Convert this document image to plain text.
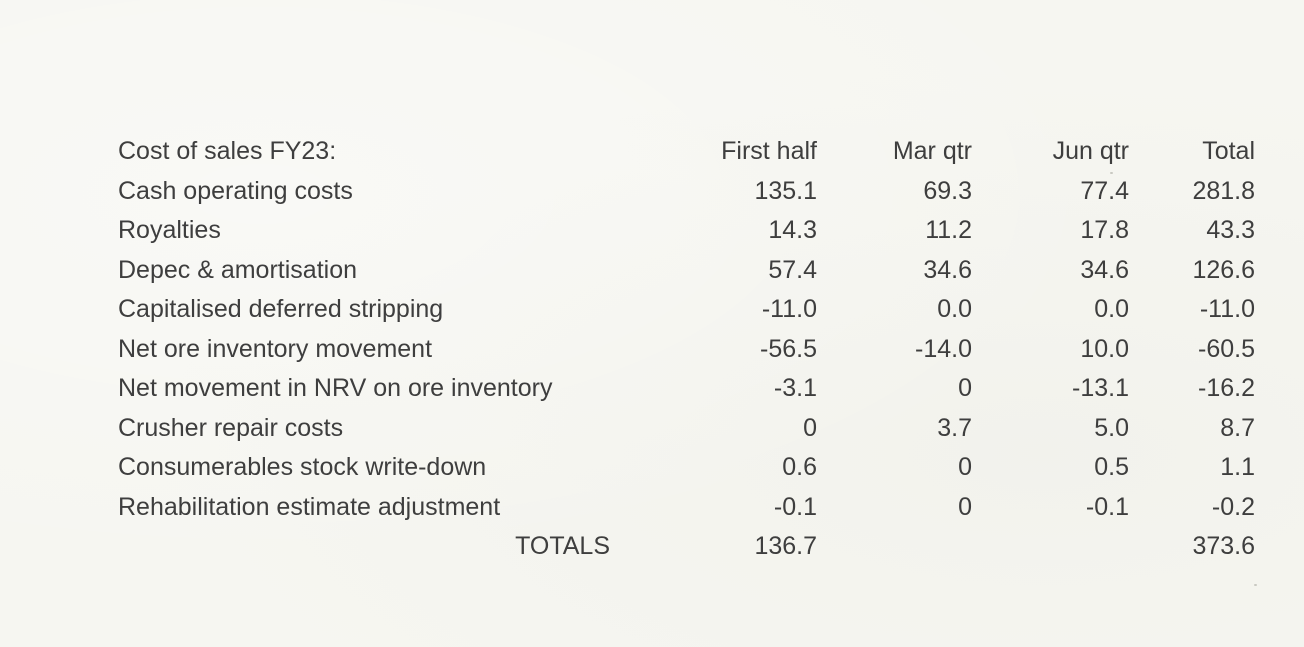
Cost of sales FY23:	First half	Mar qtr	Jun qtr	Total
Cash operating costs	135.1	69.3	77.4	281.8
Royalties	14.3	11.2	17.8	43.3
Depec & amortisation	57.4	34.6	34.6	126.6
Capitalised deferred stripping	-11.0	0.0	0.0	-11.0
Net ore inventory movement	-56.5	-14.0	10.0	-60.5
Net movement in NRV on ore inventory	-3.1	0	-13.1	-16.2
Crusher repair costs	0	3.7	5.0	8.7
Consumerables stock write-down	0.6	0	0.5	1.1
Rehabilitation estimate adjustment	-0.1	0	-0.1	-0.2
TOTALS	136.7			373.6
